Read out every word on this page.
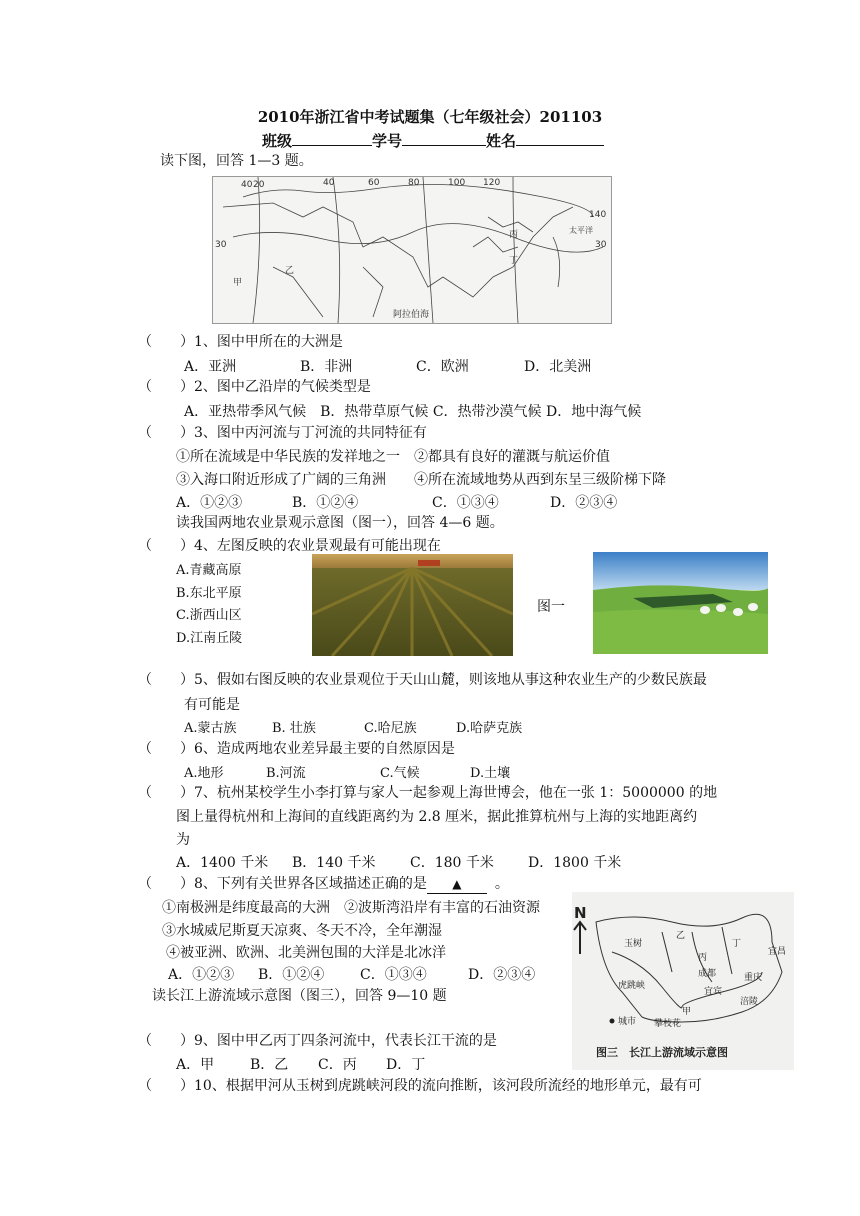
2010年浙江省中考试题集（七年级社会）201103
班级	学号	姓名
读下图，回答 1—3 题。
20	40	60	80	100 120
40
30
140
30
甲
乙
丙
丁
太平洋
阿拉伯海
（　　）1、图中甲所在的大洲是
A．亚洲	B．非洲	C．欧洲	D．北美洲
（　　）2、图中乙沿岸的气候类型是
A．亚热带季风气候　B．热带草原气候 C．热带沙漠气候 D．地中海气候
（　　）3、图中丙河流与丁河流的共同特征有
①所在流域是中华民族的发祥地之一　②都具有良好的灌溉与航运价值
③入海口附近形成了广阔的三角洲　　④所在流域地势从西到东呈三级阶梯下降
A．①②③	B．①②④	C．①③④	D．②③④
读我国两地农业景观示意图（图一），回答 4—6 题。
（　　）4、左图反映的农业景观最有可能出现在
A.青藏高原
B.东北平原
C.浙西山区
D.江南丘陵
图一
（　　）5、假如右图反映的农业景观位于天山山麓，则该地从事这种农业生产的少数民族最
有可能是
A.蒙古族	B. 壮族	C.哈尼族	D.哈萨克族
（　　）6、造成两地农业差异最主要的自然原因是
A.地形	B.河流	C.气候	D.土壤
（　　）7、杭州某校学生小李打算与家人一起参观上海世博会，他在一张 1：5000000 的地
图上量得杭州和上海间的直线距离约为 2.8 厘米，据此推算杭州与上海的实地距离约
为
A．1400 千米 B．140 千米 C．180 千米 D．1800 千米
（　　）8、下列有关世界各区域描述正确的是 ▲ 。
①南极洲是纬度最高的大洲　②波斯湾沿岸有丰富的石油资源
③水城威尼斯夏天凉爽、冬天不冷，全年潮湿
④被亚洲、欧洲、北美洲包围的大洋是北冰洋
A．①②③ B．①②④	C．①③④	D．②③④
读长江上游流域示意图（图三），回答 9—10 题
N
玉树
丙
丁
成都
宜昌
重庆
虎跳峡
宜宾
涪陵
攀枝花
城市
甲
乙
图三　长江上游流域示意图
（　　）9、图中甲乙丙丁四条河流中，代表长江干流的是
A．甲	B．乙 C．丙 D．丁
（　　）10、根据甲河从玉树到虎跳峡河段的流向推断，该河段所流经的地形单元，最有可
